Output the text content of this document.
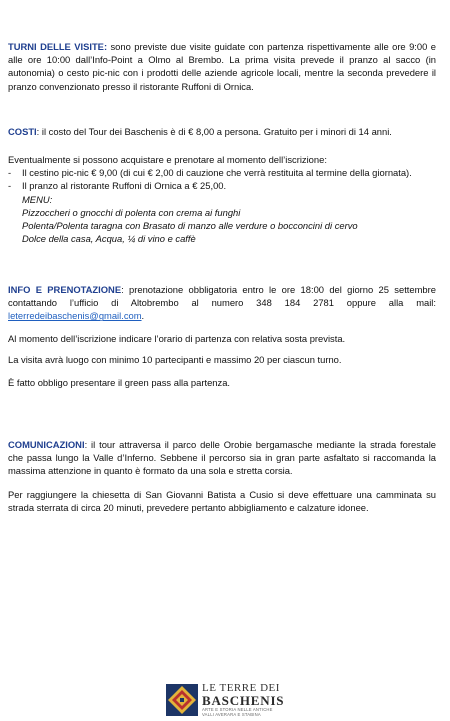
TURNI DELLE VISITE: sono previste due visite guidate con partenza rispettivamente alle ore 9:00 e alle ore 10:00 dall’Info-Point a Olmo al Brembo. La prima visita prevede il pranzo al sacco (in autonomia) o cesto pic-nic con i prodotti delle aziende agricole locali, mentre la seconda prevedere il pranzo convenzionato presso il ristorante Ruffoni di Ornica.
COSTI: il costo del Tour dei Baschenis è di € 8,00 a persona. Gratuito per i minori di 14 anni.
Eventualmente si possono acquistare e prenotare al momento dell’iscrizione:
- Il cestino pic-nic € 9,00 (di cui € 2,00 di cauzione che verrà restituita al termine della giornata).
- Il pranzo al ristorante Ruffoni di Ornica a € 25,00.
MENU:
Pizzoccheri o gnocchi di polenta con crema ai funghi
Polenta/Polenta taragna con Brasato di manzo alle verdure o bocconcini di cervo
Dolce della casa, Acqua, ¼ di vino e caffè
INFO E PRENOTAZIONE: prenotazione obbligatoria entro le ore 18:00 del giorno 25 settembre contattando l’ufficio di Altobrembo al numero 348 184 2781 oppure alla mail: leterredeibaschenis@gmail.com.
Al momento dell’iscrizione indicare l’orario di partenza con relativa sosta prevista.
La visita avrà luogo con minimo 10 partecipanti e massimo 20 per ciascun turno.
È fatto obbligo presentare il green pass alla partenza.
COMUNICAZIONI: il tour attraversa il parco delle Orobie bergamasche mediante la strada forestale che passa lungo la Valle d’Inferno. Sebbene il percorso sia in gran parte asfaltato si raccomanda la massima attenzione in quanto è formato da una sola e stretta corsia.
Per raggiungere la chiesetta di San Giovanni Batista a Cusio si deve effettuare una camminata su strada sterrata di circa 20 minuti, prevedere pertanto abbigliamento e calzature idonee.
LE TERRE DEI
BASCHENIS
ARTE E STORIA NELLE ANTICHE
VALLI AVERARA E STABINA
